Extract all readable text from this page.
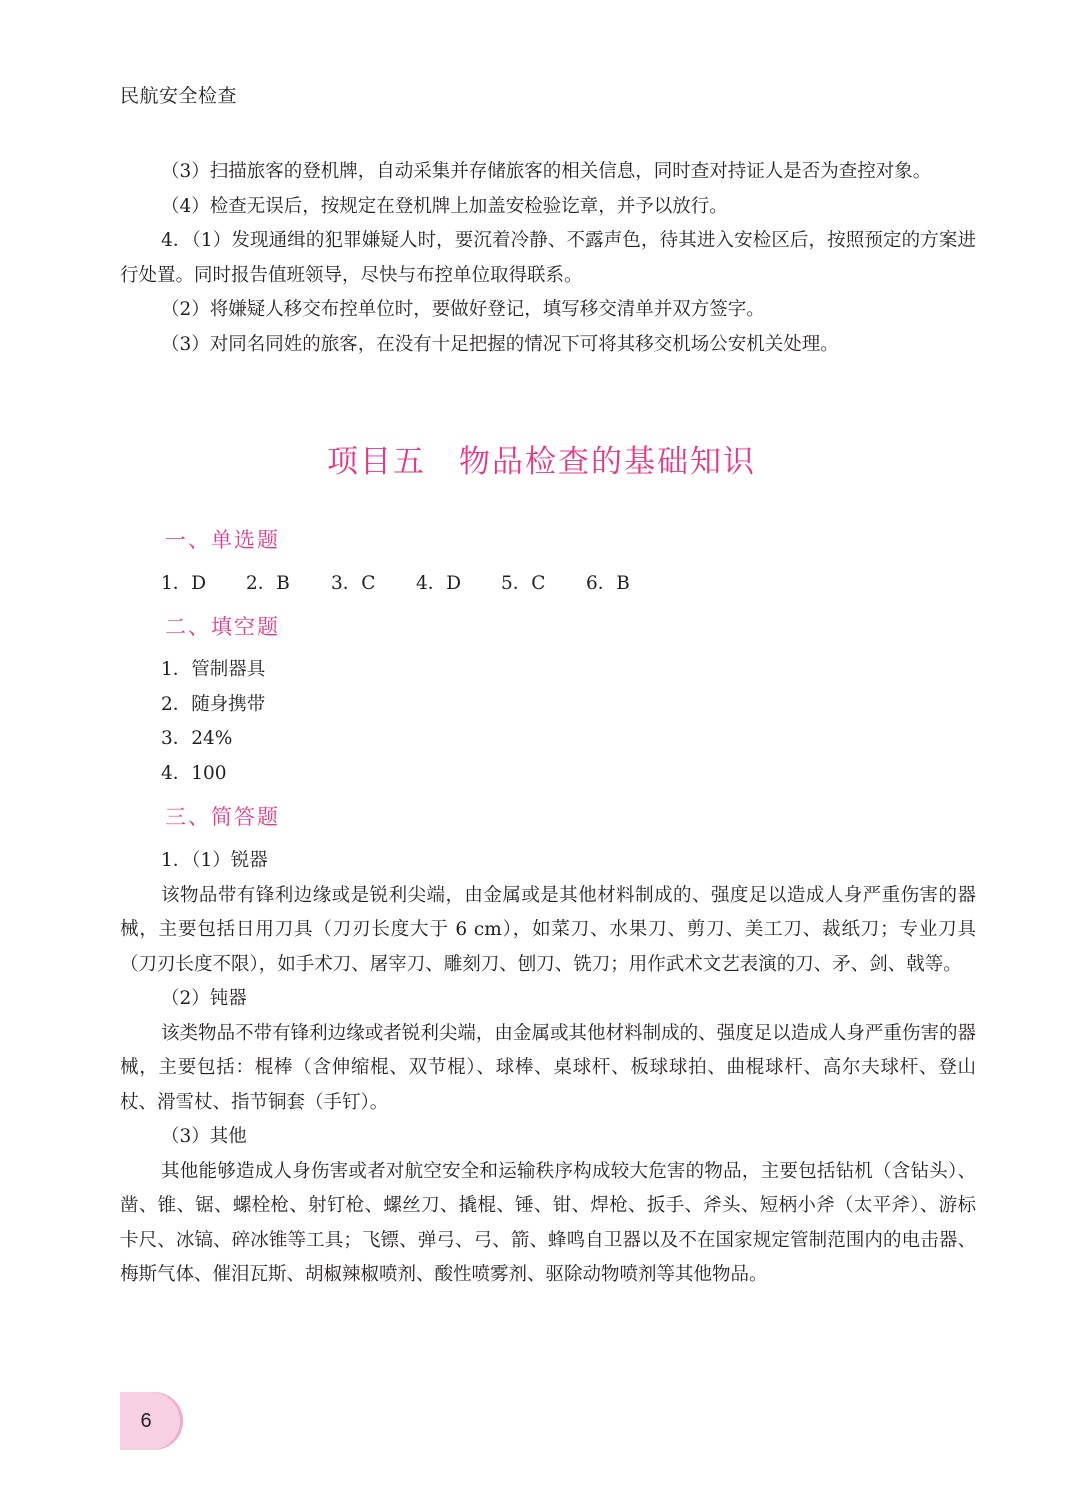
民航安全检查

（3）扫描旅客的登机牌，自动采集并存储旅客的相关信息，同时查对持证人是否为查控对象。

（4）检查无误后，按规定在登机牌上加盖安检验讫章，并予以放行。

4．（1）发现通缉的犯罪嫌疑人时，要沉着冷静、不露声色，待其进入安检区后，按照预定的方案进行处置。同时报告值班领导，尽快与布控单位取得联系。

（2）将嫌疑人移交布控单位时，要做好登记，填写移交清单并双方签字。

（3）对同名同姓的旅客，在没有十足把握的情况下可将其移交机场公安机关处理。

项目五　物品检查的基础知识
一、单选题
1．D	2．B	3．C	4．D	5．C	6．B
二、填空题
1．管制器具
2．随身携带
3．24%
4．100
三、简答题

1．（1）锐器

该物品带有锋利边缘或是锐利尖端，由金属或是其他材料制成的、强度足以造成人身严重伤害的器械，主要包括日用刀具（刀刃长度大于 6 cm），如菜刀、水果刀、剪刀、美工刀、裁纸刀；专业刀具（刀刃长度不限），如手术刀、屠宰刀、雕刻刀、刨刀、铣刀；用作武术文艺表演的刀、矛、剑、戟等。

（2）钝器

该类物品不带有锋利边缘或者锐利尖端，由金属或其他材料制成的、强度足以造成人身严重伤害的器械，主要包括：棍棒（含伸缩棍、双节棍）、球棒、桌球杆、板球球拍、曲棍球杆、高尔夫球杆、登山杖、滑雪杖、指节铜套（手钉）。

（3）其他

其他能够造成人身伤害或者对航空安全和运输秩序构成较大危害的物品，主要包括钻机（含钻头）、凿、锥、锯、螺栓枪、射钉枪、螺丝刀、撬棍、锤、钳、焊枪、扳手、斧头、短柄小斧（太平斧）、游标卡尺、冰镐、碎冰锥等工具；飞镖、弹弓、弓、箭、蜂鸣自卫器以及不在国家规定管制范围内的电击器、梅斯气体、催泪瓦斯、胡椒辣椒喷剂、酸性喷雾剂、驱除动物喷剂等其他物品。

6
